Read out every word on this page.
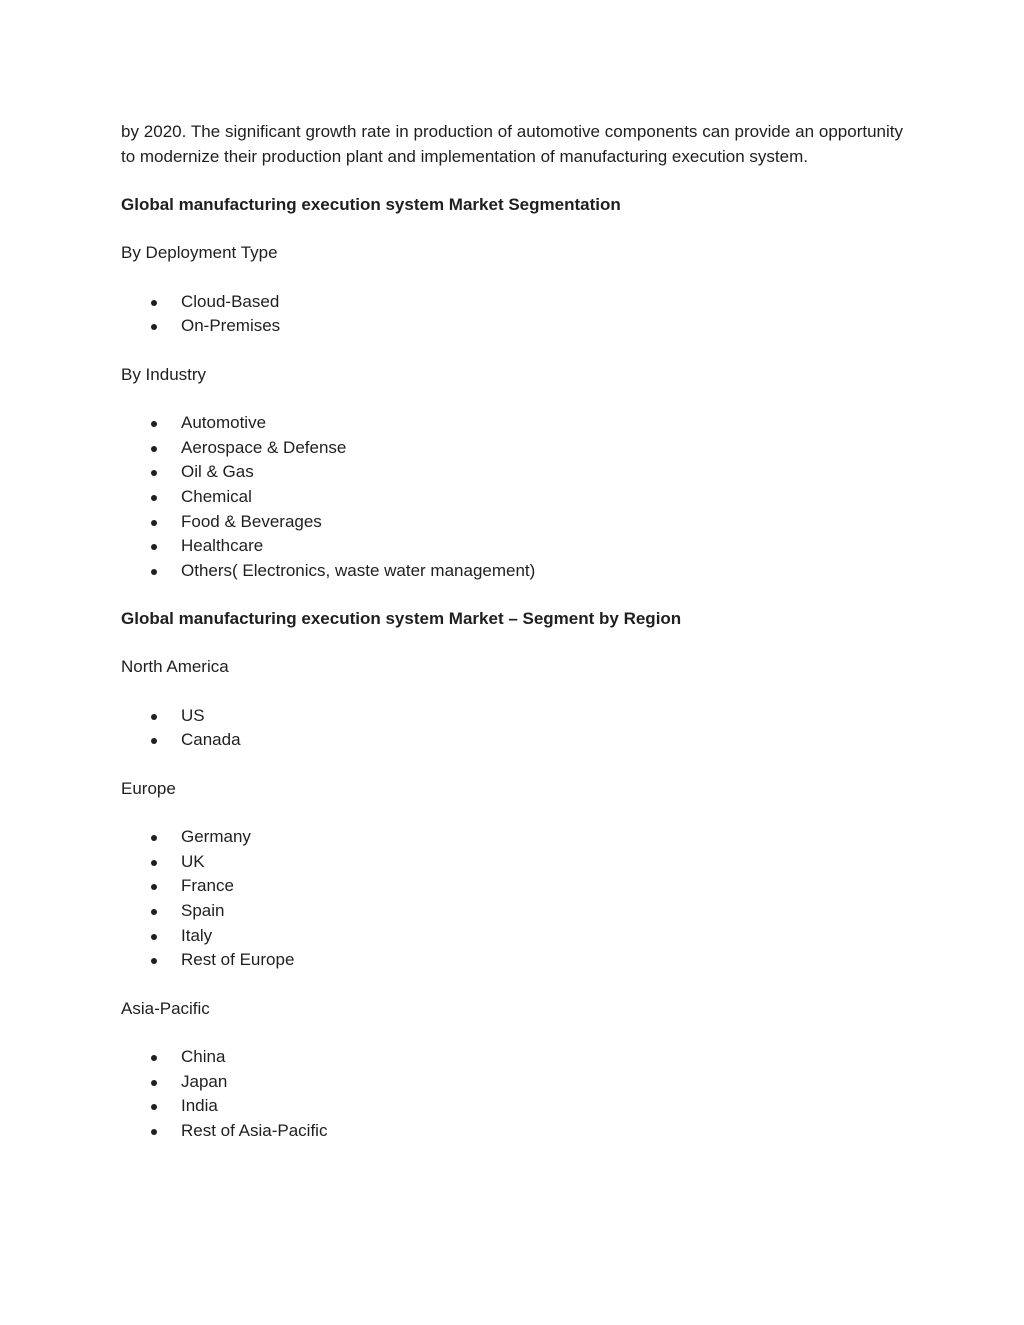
by 2020. The significant growth rate in production of automotive components can provide an opportunity to modernize their production plant and implementation of manufacturing execution system.

Global manufacturing execution system Market Segmentation

By Deployment Type

Cloud-Based
On-Premises

By Industry

Automotive
Aerospace & Defense
Oil & Gas
Chemical
Food & Beverages
Healthcare
Others( Electronics, waste water management)

Global manufacturing execution system Market – Segment by Region

North America

US
Canada

Europe

Germany
UK
France
Spain
Italy
Rest of Europe

Asia-Pacific

China
Japan
India
Rest of Asia-Pacific
